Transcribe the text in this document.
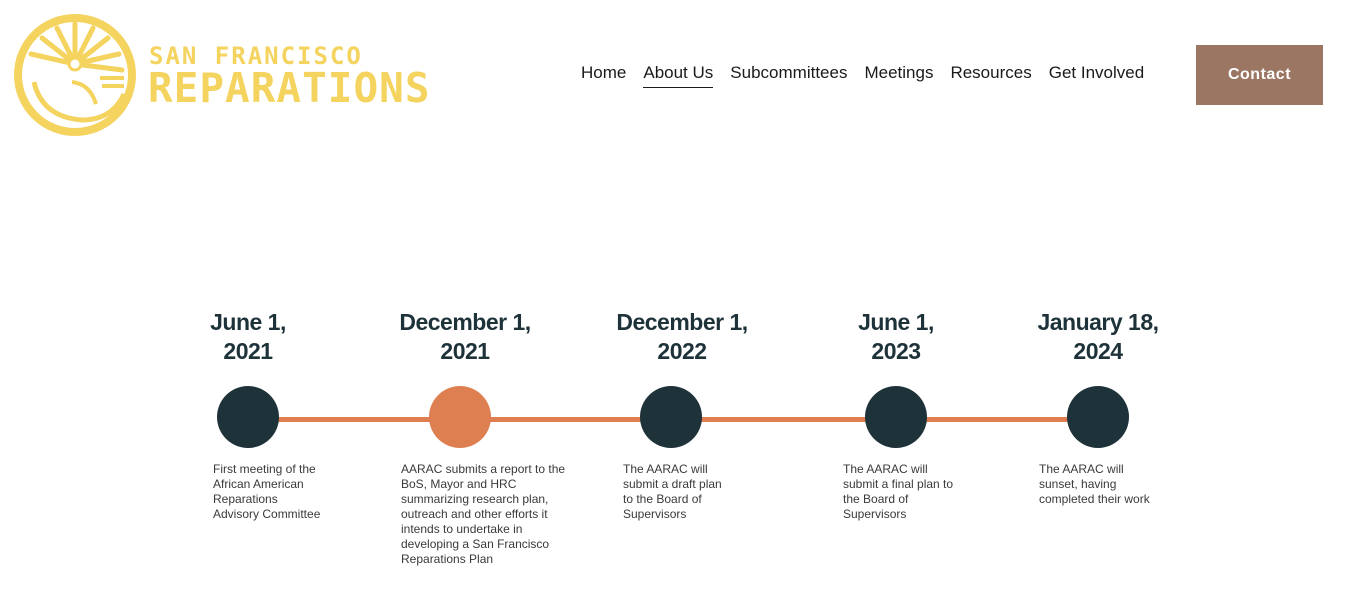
SAN FRANCISCO
REPARATIONS	Home About Us Subcommittees Meetings Resources Get Involved	Contact
June 1,
2021
First meeting of the
African American
Reparations
Advisory Committee
December 1,
2021
AARAC submits a report to the
BoS, Mayor and HRC
summarizing research plan,
outreach and other efforts it
intends to undertake in
developing a San Francisco
Reparations Plan
December 1,
2022
The AARAC will
submit a draft plan
to the Board of
Supervisors
June 1,
2023
The AARAC will
submit a final plan to
the Board of
Supervisors
January 18,
2024
The AARAC will
sunset, having
completed their work
